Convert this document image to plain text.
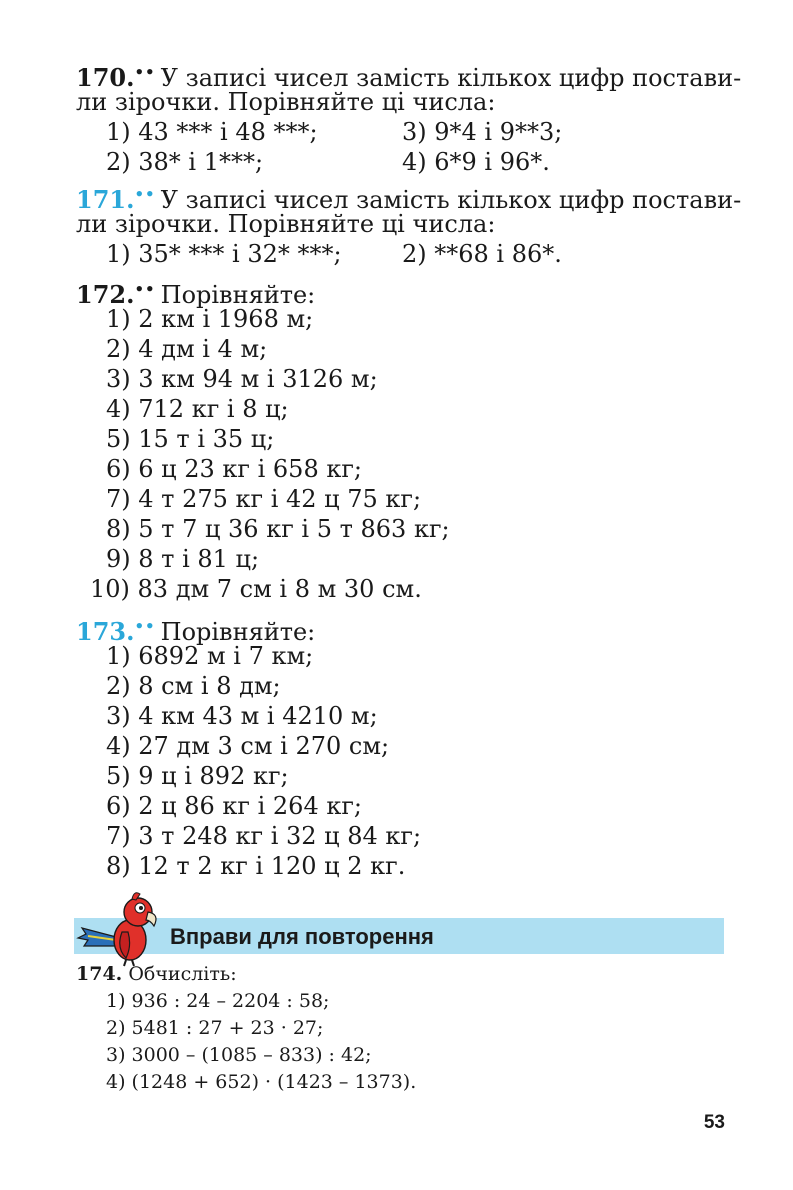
170.•• У записі чисел замість кількох цифр постави-
ли зірочки. Порівняйте ці числа:
1) 43 *** і 48 ***;	3) 9*4 і 9**3;
2) 38* і 1***;	4) 6*9 і 96*.
171.•• У записі чисел замість кількох цифр постави-
ли зірочки. Порівняйте ці числа:
1) 35* *** і 32* ***;	2) **68 і 86*.
172.•• Порівняйте:
1) 2 км і 1968 м;
2) 4 дм і 4 м;
3) 3 км 94 м і 3126 м;
4) 712 кг і 8 ц;
5) 15 т і 35 ц;
6) 6 ц 23 кг і 658 кг;
7) 4 т 275 кг і 42 ц 75 кг;
8) 5 т 7 ц 36 кг і 5 т 863 кг;
9) 8 т і 81 ц;
10) 83 дм 7 см і 8 м 30 см.
173.•• Порівняйте:
1) 6892 м і 7 км;
2) 8 см і 8 дм;
3) 4 км 43 м і 4210 м;
4) 27 дм 3 см і 270 см;
5) 9 ц і 892 кг;
6) 2 ц 86 кг і 264 кг;
7) 3 т 248 кг і 32 ц 84 кг;
8) 12 т 2 кг і 120 ц 2 кг.
Вправи для повторення
174. Обчисліть:
1) 936 : 24 – 2204 : 58;
2) 5481 : 27 + 23 · 27;
3) 3000 – (1085 – 833) : 42;
4) (1248 + 652) · (1423 – 1373).
53
